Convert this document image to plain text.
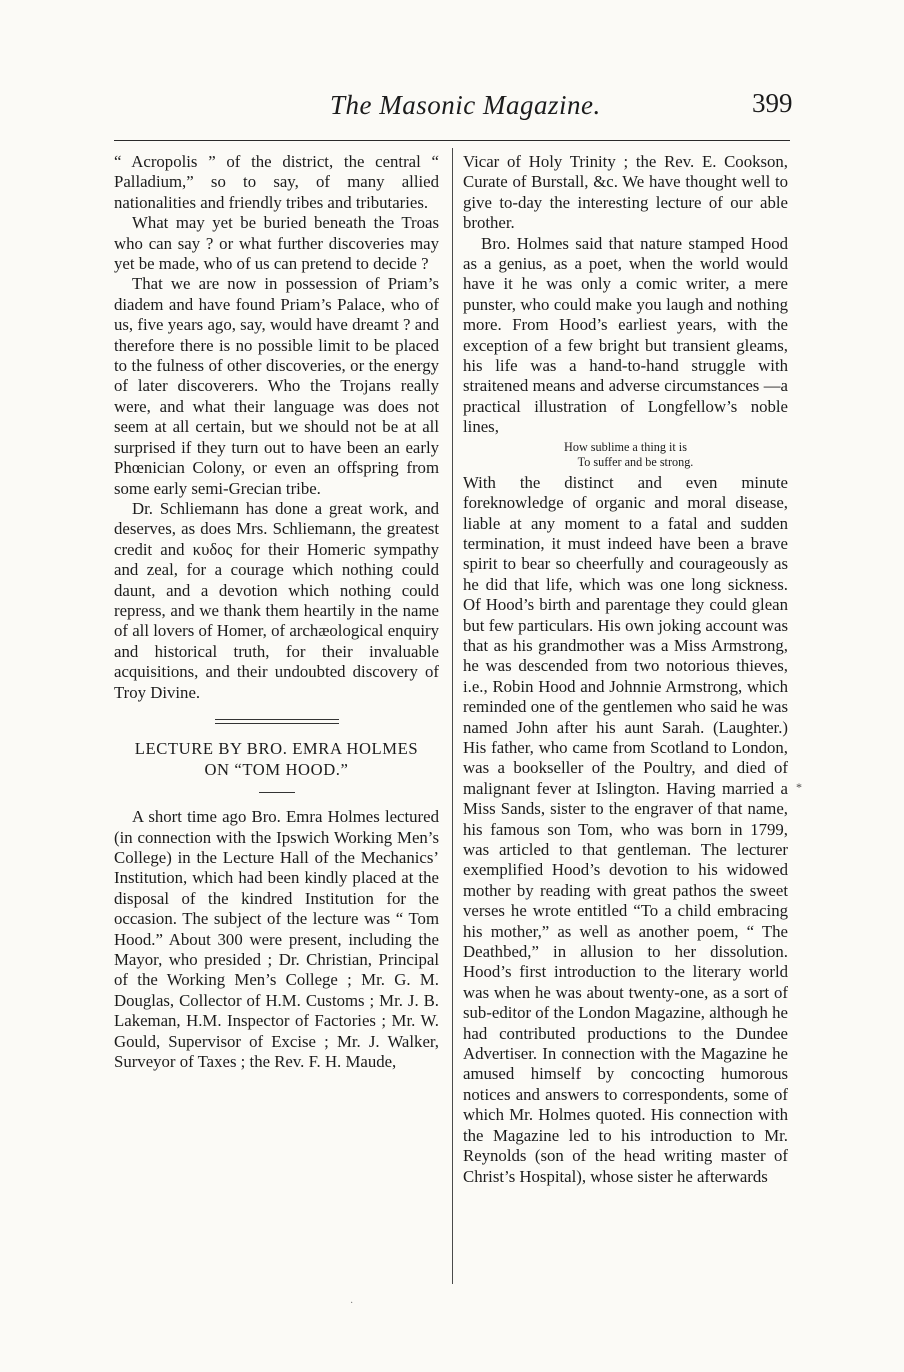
The Masonic Magazine.	399

“ Acropolis ” of the district, the central “ Palladium,” so to say, of many allied nationalities and friendly tribes and tributaries.

What may yet be buried beneath the Troas who can say ? or what further discoveries may yet be made, who of us can pretend to decide ?

That we are now in possession of Priam’s diadem and have found Priam’s Palace, who of us, five years ago, say, would have dreamt ? and therefore there is no possible limit to be placed to the fulness of other discoveries, or the energy of later discoverers. Who the Trojans really were, and what their language was does not seem at all certain, but we should not be at all surprised if they turn out to have been an early Phœnician Colony, or even an offspring from some early semi-Grecian tribe.

Dr. Schliemann has done a great work, and deserves, as does Mrs. Schliemann, the greatest credit and κυδος for their Homeric sympathy and zeal, for a courage which nothing could daunt, and a devotion which nothing could repress, and we thank them heartily in the name of all lovers of Homer, of archæological enquiry and historical truth, for their invaluable acquisitions, and their undoubted discovery of Troy Divine.

LECTURE BY BRO. EMRA HOLMES
ON “TOM HOOD.”

A short time ago Bro. Emra Holmes lectured (in connection with the Ipswich Working Men’s College) in the Lecture Hall of the Mechanics’ Institution, which had been kindly placed at the disposal of the kindred Institution for the occasion. The subject of the lecture was “ Tom Hood.” About 300 were present, including the Mayor, who presided ; Dr. Christian, Principal of the Working Men’s College ; Mr. G. M. Douglas, Collector of H.M. Customs ; Mr. J. B. Lakeman, H.M. Inspector of Factories ; Mr. W. Gould, Supervisor of Excise ; Mr. J. Walker, Surveyor of Taxes ; the Rev. F. H. Maude,

Vicar of Holy Trinity ; the Rev. E. Cookson, Curate of Burstall, &c. We have thought well to give to-day the interesting lecture of our able brother.

Bro. Holmes said that nature stamped Hood as a genius, as a poet, when the world would have it he was only a comic writer, a mere punster, who could make you laugh and nothing more. From Hood’s earliest years, with the exception of a few bright but transient gleams, his life was a hand-to-hand struggle with straitened means and adverse circumstances —a practical illustration of Longfellow’s noble lines,

How sublime a thing it is
To suffer and be strong.

With the distinct and even minute foreknowledge of organic and moral disease, liable at any moment to a fatal and sudden termination, it must indeed have been a brave spirit to bear so cheerfully and courageously as he did that life, which was one long sickness. Of Hood’s birth and parentage they could glean but few particulars. His own joking account was that as his grandmother was a Miss Armstrong, he was descended from two notorious thieves, i.e., Robin Hood and Johnnie Armstrong, which reminded one of the gentlemen who said he was named John after his aunt Sarah. (Laughter.) His father, who came from Scotland to London, was a bookseller of the Poultry, and died of malignant fever at Islington. Having married a Miss Sands, sister to the engraver of that name, his famous son Tom, who was born in 1799, was articled to that gentleman. The lecturer exemplified Hood’s devotion to his widowed mother by reading with great pathos the sweet verses he wrote entitled “To a child embracing his mother,” as well as another poem, “ The Deathbed,” in allusion to her dissolution. Hood’s first introduction to the literary world was when he was about twenty-one, as a sort of sub-editor of the London Magazine, although he had contributed productions to the Dundee Advertiser. In connection with the Magazine he amused himself by concocting humorous notices and answers to correspondents, some of which Mr. Holmes quoted. His connection with the Magazine led to his introduction to Mr. Reynolds (son of the head writing master of Christ’s Hospital), whose sister he afterwards

*
·
